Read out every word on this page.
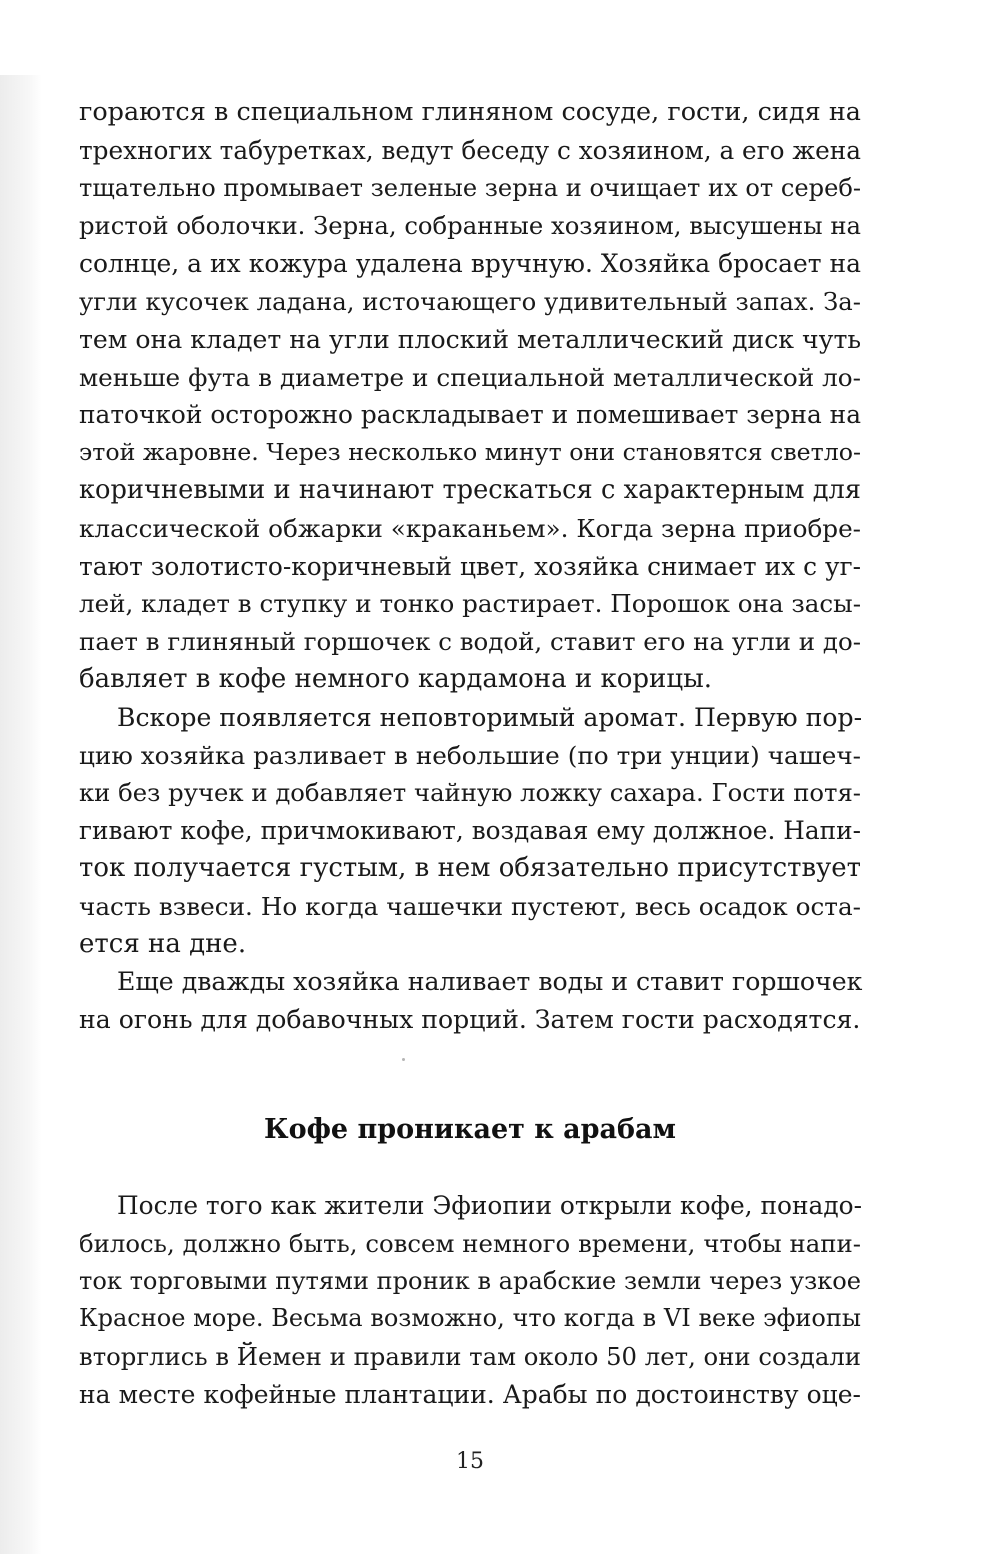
гораются в специальном глиняном сосуде, гости, сидя на
трехногих табуретках, ведут беседу с хозяином, а его жена
тщательно промывает зеленые зерна и очищает их от сереб-
ристой оболочки. Зерна, собранные хозяином, высушены на
солнце, а их кожура удалена вручную. Хозяйка бросает на
угли кусочек ладана, источающего удивительный запах. За-
тем она кладет на угли плоский металлический диск чуть
меньше фута в диаметре и специальной металлической ло-
паточкой осторожно раскладывает и помешивает зерна на
этой жаровне. Через несколько минут они становятся светло-
коричневыми и начинают трескаться с характерным для
классической обжарки «краканьем». Когда зерна приобре-
тают золотисто-коричневый цвет, хозяйка снимает их с уг-
лей, кладет в ступку и тонко растирает. Порошок она засы-
пает в глиняный горшочек с водой, ставит его на угли и до-
бавляет в кофе немного кардамона и корицы.
Вскоре появляется неповторимый аромат. Первую пор-
цию хозяйка разливает в небольшие (по три унции) чашеч-
ки без ручек и добавляет чайную ложку сахара. Гости потя-
гивают кофе, причмокивают, воздавая ему должное. Напи-
ток получается густым, в нем обязательно присутствует
часть взвеси. Но когда чашечки пустеют, весь осадок оста-
ется на дне.
Еще дважды хозяйка наливает воды и ставит горшочек
на огонь для добавочных порций. Затем гости расходятся.
Кофе проникает к арабам
После того как жители Эфиопии открыли кофе, понадо-
билось, должно быть, совсем немного времени, чтобы напи-
ток торговыми путями проник в арабские земли через узкое
Красное море. Весьма возможно, что когда в VI веке эфиопы
вторглись в Йемен и правили там около 50 лет, они создали
на месте кофейные плантации. Арабы по достоинству оце-
15
